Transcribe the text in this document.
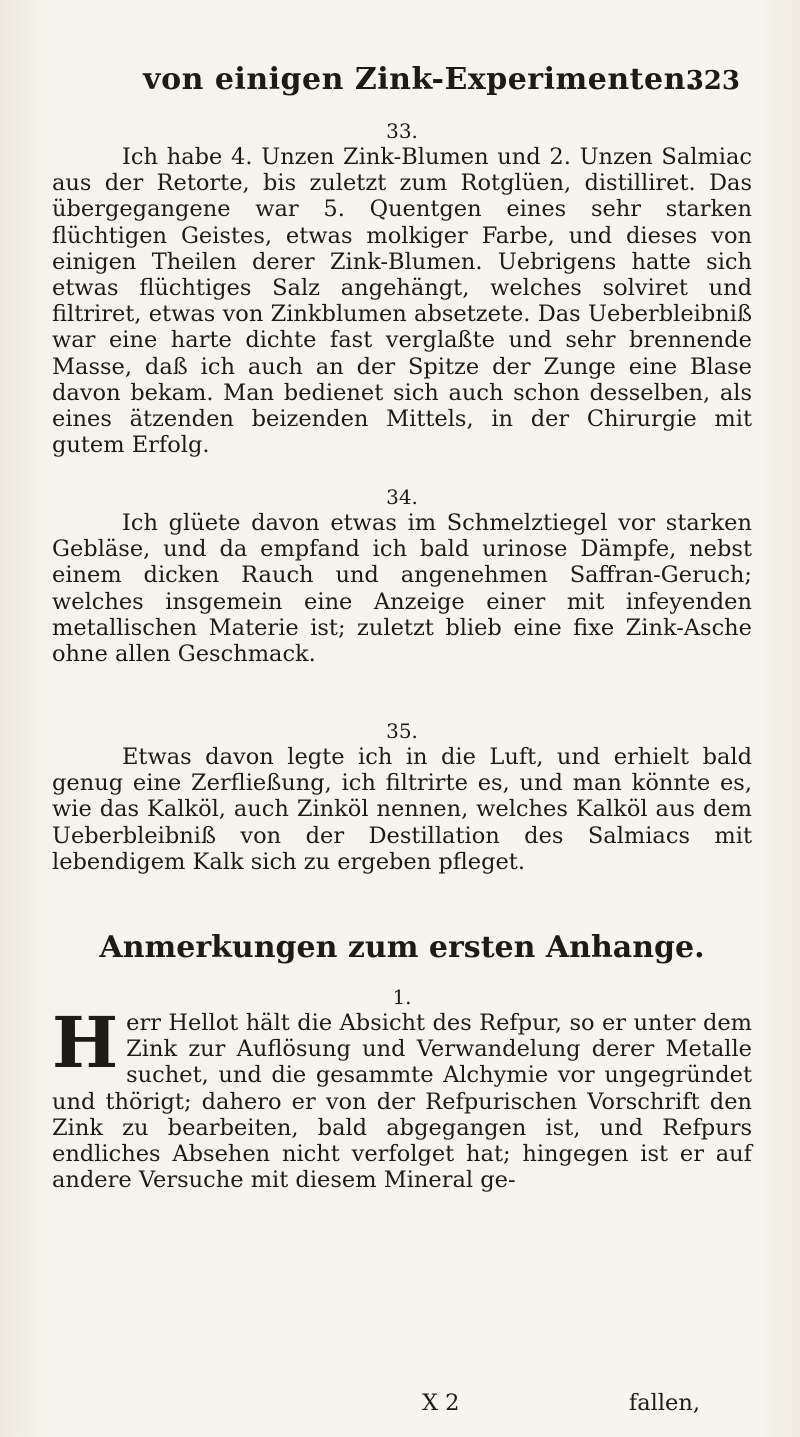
von einigen Zink-Experimenten.
323

33.

Ich habe 4. Unzen Zink-Blumen und 2. Unzen Salmiac aus der Retorte, bis zuletzt zum Rotglüen, distilliret. Das übergegangene war 5. Quentgen eines sehr starken flüchtigen Geistes, etwas molkiger Farbe, und dieses von einigen Theilen derer Zink-Blumen. Uebrigens hatte sich etwas flüchtiges Salz angehängt, welches solviret und filtriret, etwas von Zinkblumen absetzete. Das Ueberbleibniß war eine harte dichte fast verglaßte und sehr brennende Masse, daß ich auch an der Spitze der Zunge eine Blase davon bekam. Man bedienet sich auch schon desselben, als eines ätzenden beizenden Mittels, in der Chirurgie mit gutem Erfolg.

34.

Ich glüete davon etwas im Schmelztiegel vor starken Gebläse, und da empfand ich bald urinose Dämpfe, nebst einem dicken Rauch und angenehmen Saffran-Geruch; welches insgemein eine Anzeige einer mit infeyenden metallischen Materie ist; zuletzt blieb eine fixe Zink-Asche ohne allen Geschmack.

35.

Etwas davon legte ich in die Luft, und erhielt bald genug eine Zerfließung, ich filtrirte es, und man könnte es, wie das Kalköl, auch Zinköl nennen, welches Kalköl aus dem Ueberbleibniß von der Destillation des Salmiacs mit lebendigem Kalk sich zu ergeben pfleget.

Anmerkungen zum ersten Anhange.

1.

Herr Hellot hält die Absicht des Refpur, so er unter dem Zink zur Auflösung und Verwandelung derer Metalle suchet, und die gesammte Alchymie vor ungegründet und thörigt; dahero er von der Refpurischen Vorschrift den Zink zu bearbeiten, bald abgegangen ist, und Refpurs endliches Absehen nicht verfolget hat; hingegen ist er auf andere Versuche mit diesem Mineral ge-

X 2	fallen,
